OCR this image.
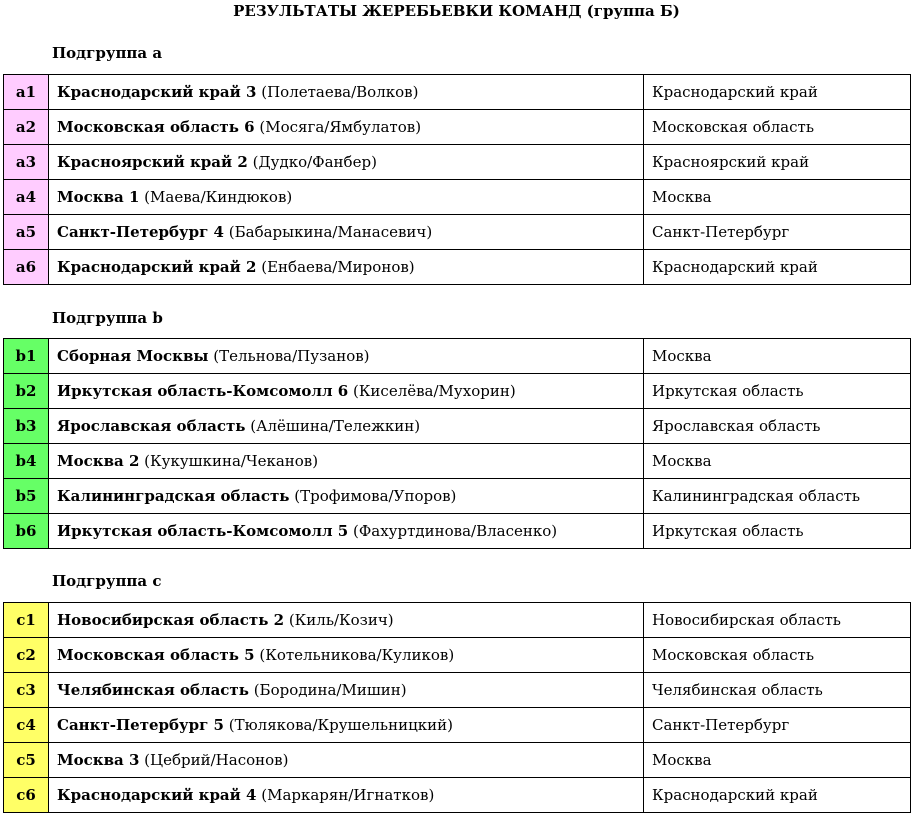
РЕЗУЛЬТАТЫ ЖЕРЕБЬЕВКИ КОМАНД (группа Б)
Подгруппа а
a1	Краснодарский край 3 (Полетаева/Волков)	Краснодарский край
a2	Московская область 6 (Мосяга/Ямбулатов)	Московская область
a3	Красноярский край 2 (Дудко/Фанбер)	Красноярский край
a4	Москва 1 (Маева/Киндюков)	Москва
a5	Санкт-Петербург 4 (Бабарыкина/Манасевич)	Санкт-Петербург
a6	Краснодарский край 2 (Енбаева/Миронов)	Краснодарский край
Подгруппа b
b1	Сборная Москвы (Тельнова/Пузанов)	Москва
b2	Иркутская область-Комсомолл 6 (Киселёва/Мухорин)	Иркутская область
b3	Ярославская область (Алёшина/Тележкин)	Ярославская область
b4	Москва 2 (Кукушкина/Чеканов)	Москва
b5	Калининградская область (Трофимова/Упоров)	Калининградская область
b6	Иркутская область-Комсомолл 5 (Фахуртдинова/Власенко)	Иркутская область
Подгруппа с
c1	Новосибирская область 2 (Киль/Козич)	Новосибирская область
c2	Московская область 5 (Котельникова/Куликов)	Московская область
c3	Челябинская область (Бородина/Мишин)	Челябинская область
c4	Санкт-Петербург 5 (Тюлякова/Крушельницкий)	Санкт-Петербург
c5	Москва 3 (Цебрий/Насонов)	Москва
c6	Краснодарский край 4 (Маркарян/Игнатков)	Краснодарский край
